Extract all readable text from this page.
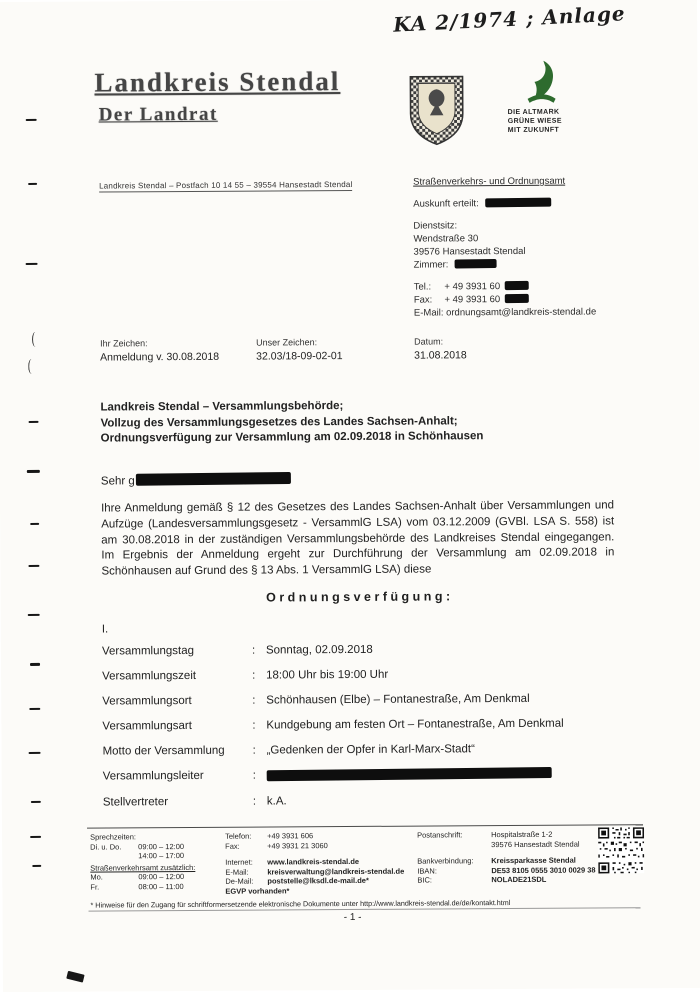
KA 2/1974 ; Anlage
Landkreis Stendal
Der Landrat	DIE ALTMARK
GRÜNE WIESE
MIT ZUKUNFT
Landkreis Stendal – Postfach 10 14 55 – 39554 Hansestadt Stendal	Straßenverkehrs- und Ordnungsamt
Auskunft erteilt:
Dienstsitz:
Wendstraße 30
39576 Hansestadt Stendal
Zimmer:
Tel.: + 49 3931 60
Fax: + 49 3931 60
E-Mail: ordnungsamt@landkreis-stendal.de
Ihr Zeichen:
Anmeldung v. 30.08.2018
Unser Zeichen:
32.03/18-09-02-01
Datum:
31.08.2018
Landkreis Stendal – Versammlungsbehörde;
Vollzug des Versammlungsgesetzes des Landes Sachsen-Anhalt;
Ordnungsverfügung zur Versammlung am 02.09.2018 in Schönhausen
Sehr g
Ihre Anmeldung gemäß § 12 des Gesetzes des Landes Sachsen-Anhalt über Versammlungen und Aufzüge (Landesversammlungsgesetz - VersammlG LSA) vom 03.12.2009 (GVBl. LSA S. 558) ist am 30.08.2018 in der zuständigen Versammlungsbehörde des Landkreises Stendal eingegangen. Im Ergebnis der Anmeldung ergeht zur Durchführung der Versammlung am 02.09.2018 in Schönhausen auf Grund des § 13 Abs. 1 VersammlG LSA) diese
O r d n u n g s v e r f ü g u n g :
I.
Versammlungstag	: Sonntag, 02.09.2018
Versammlungszeit	: 18:00 Uhr bis 19:00 Uhr
Versammlungsort	: Schönhausen (Elbe) – Fontanestraße, Am Denkmal
Versammlungsart	: Kundgebung am festen Ort – Fontanestraße, Am Denkmal
Motto der Versammlung	: „Gedenken der Opfer in Karl-Marx-Stadt“
Versammlungsleiter	:
Stellvertreter	: k.A.
Sprechzeiten:
Di. u. Do.	09:00 – 12:00
14:00 – 17:00
Straßenverkehrsamt zusätzlich:
Mo.	09:00 – 12:00
Fr.	08:00 – 11:00
Telefon:	+49 3931 606
Fax:	+49 3931 21 3060
Internet:	www.landkreis-stendal.de
E-Mail:	kreisverwaltung@landkreis-stendal.de
De-Mail:	poststelle@lksdl.de-mail.de*
EGVP vorhanden*
Postanschrift:	Hospitalstraße 1-2
39576 Hansestadt Stendal
Bankverbindung:	Kreissparkasse Stendal
IBAN:	DE53 8105 0555 3010 0029 38
BIC:	NOLADE21SDL
* Hinweise für den Zugang für schriftformersetzende elektronische Dokumente unter http://www.landkreis-stendal.de/de/kontakt.html
- 1 -
